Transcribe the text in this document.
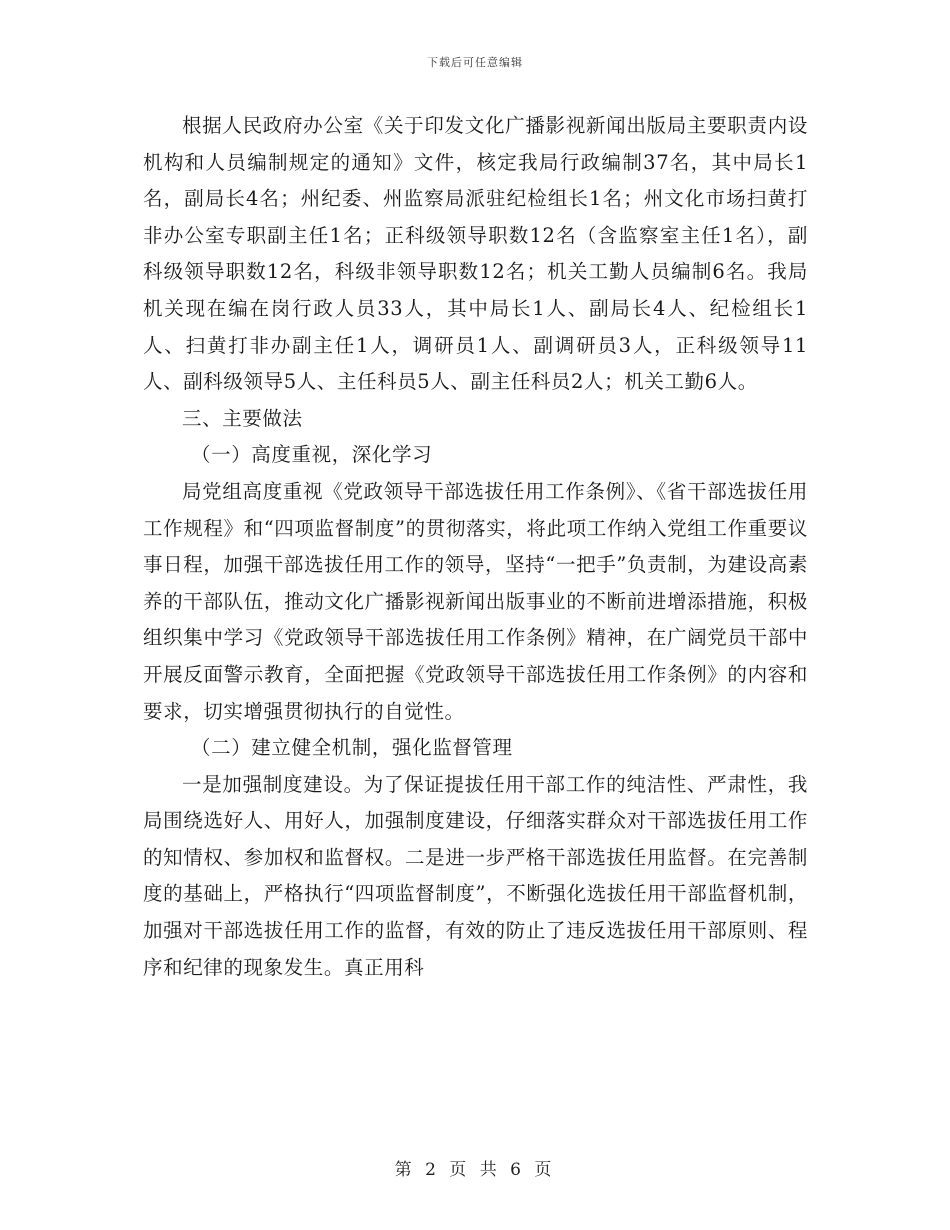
下载后可任意编辑

根据人民政府办公室《关于印发文化广播影视新闻出版局主要职责内设机构和人员编制规定的通知》文件，核定我局行政编制37名，其中局长1名，副局长4名；州纪委、州监察局派驻纪检组长1名；州文化市场扫黄打非办公室专职副主任1名；正科级领导职数12名（含监察室主任1名），副科级领导职数12名，科级非领导职数12名；机关工勤人员编制6名。我局机关现在编在岗行政人员33人，其中局长1人、副局长4人、纪检组长1人、扫黄打非办副主任1人，调研员1人、副调研员3人，正科级领导11人、副科级领导5人、主任科员5人、副主任科员2人；机关工勤6人。

三、主要做法

（一）高度重视，深化学习

局党组高度重视《党政领导干部选拔任用工作条例》、《省干部选拔任用工作规程》和“四项监督制度”的贯彻落实，将此项工作纳入党组工作重要议事日程，加强干部选拔任用工作的领导，坚持“一把手”负责制，为建设高素养的干部队伍，推动文化广播影视新闻出版事业的不断前进增添措施，积极组织集中学习《党政领导干部选拔任用工作条例》精神，在广阔党员干部中开展反面警示教育，全面把握《党政领导干部选拔任用工作条例》的内容和要求，切实增强贯彻执行的自觉性。

（二）建立健全机制，强化监督管理

一是加强制度建设。为了保证提拔任用干部工作的纯洁性、严肃性，我局围绕选好人、用好人，加强制度建设，仔细落实群众对干部选拔任用工作的知情权、参加权和监督权。二是进一步严格干部选拔任用监督。在完善制度的基础上，严格执行“四项监督制度”，不断强化选拔任用干部监督机制，加强对干部选拔任用工作的监督，有效的防止了违反选拔任用干部原则、程序和纪律的现象发生。真正用科

第 2 页 共 6 页
